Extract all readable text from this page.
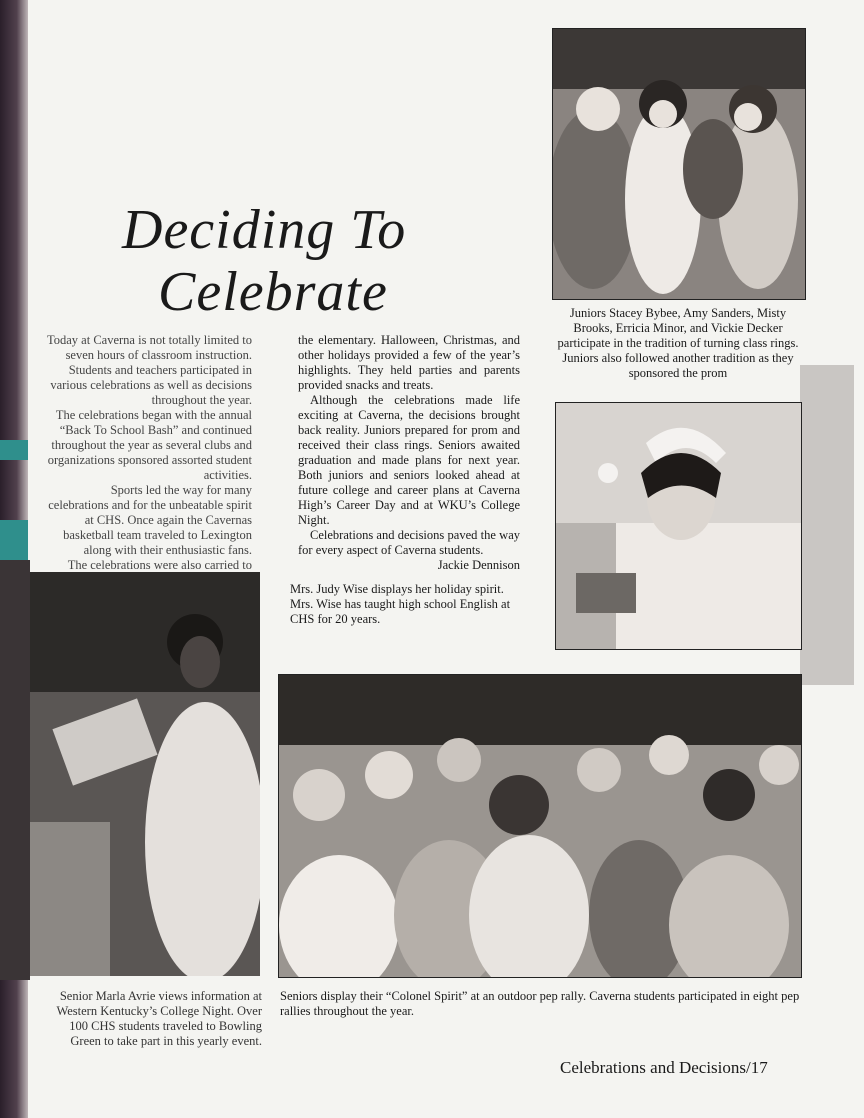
Juniors Stacey Bybee, Amy Sanders, Misty Brooks, Erricia Minor, and Vickie Decker participate in the tradition of turning class rings. Juniors also followed another tradition as they sponsored the prom
Deciding To
Celebrate

Today at Caverna is not totally limited to seven hours of classroom instruction. Students and teachers participated in various celebrations as well as decisions throughout the year.

The celebrations began with the annual “Back To School Bash” and continued throughout the year as several clubs and organizations sponsored assorted student activities.

Sports led the way for many celebrations and for the unbeatable spirit at CHS. Once again the Cavernas basketball team traveled to Lexington along with their enthusiastic fans.

The celebrations were also carried to

the elementary. Halloween, Christmas, and other holidays provided a few of the year’s highlights. They held parties and parents provided snacks and treats.

Although the celebrations made life exciting at Caverna, the decisions brought back reality. Juniors prepared for prom and received their class rings. Seniors awaited graduation and made plans for next year. Both juniors and seniors looked ahead at future college and career plans at Caverna High’s Career Day and at WKU’s College Night.

Celebrations and decisions paved the way for every aspect of Caverna students.

Jackie Dennison

Mrs. Judy Wise displays her holiday spirit. Mrs. Wise has taught high school English at CHS for 20 years.
Senior Marla Avrie views information at Western Kentucky’s College Night. Over 100 CHS students traveled to Bowling Green to take part in this yearly event.
Seniors display their “Colonel Spirit” at an outdoor pep rally. Caverna students participated in eight pep rallies throughout the year.
Celebrations and Decisions/17
